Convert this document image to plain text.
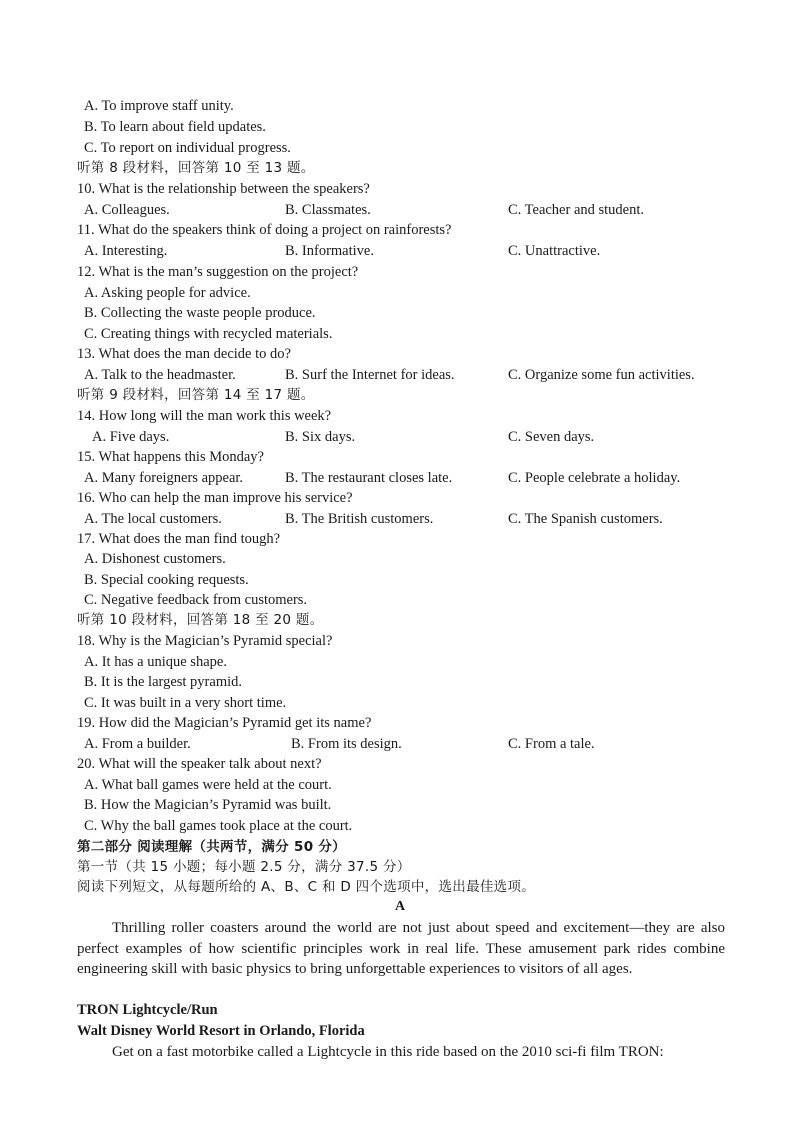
A. To improve staff unity.
B. To learn about field updates.
C. To report on individual progress.
听第 8 段材料，回答第 10 至 13 题。
10. What is the relationship between the speakers?
A. Colleagues.	B. Classmates.	C. Teacher and student.
11. What do the speakers think of doing a project on rainforests?
A. Interesting.	B. Informative.	C. Unattractive.
12. What is the man’s suggestion on the project?
A. Asking people for advice.
B. Collecting the waste people produce.
C. Creating things with recycled materials.
13. What does the man decide to do?
A. Talk to the headmaster.	B. Surf the Internet for ideas.	C. Organize some fun activities.
听第 9 段材料，回答第 14 至 17 题。
14. How long will the man work this week?
A. Five days.	B. Six days.	C. Seven days.
15. What happens this Monday?
A. Many foreigners appear.	B. The restaurant closes late.	C. People celebrate a holiday.
16. Who can help the man improve his service?
A. The local customers.	B. The British customers.	C. The Spanish customers.
17. What does the man find tough?
A. Dishonest customers.
B. Special cooking requests.
C. Negative feedback from customers.
听第 10 段材料，回答第 18 至 20 题。
18. Why is the Magician’s Pyramid special?
A. It has a unique shape.
B. It is the largest pyramid.
C. It was built in a very short time.
19. How did the Magician’s Pyramid get its name?
A. From a builder.	B. From its design.	C. From a tale.
20. What will the speaker talk about next?
A. What ball games were held at the court.
B. How the Magician’s Pyramid was built.
C. Why the ball games took place at the court.
第二部分 阅读理解（共两节，满分 50 分）
第一节（共 15 小题；每小题 2.5 分，满分 37.5 分）
阅读下列短文，从每题所给的 A、B、C 和 D 四个选项中，选出最佳选项。
A
Thrilling roller coasters around the world are not just about speed and excitement—they are also perfect examples of how scientific principles work in real life. These amusement park rides combine engineering skill with basic physics to bring unforgettable experiences to visitors of all ages.
TRON Lightcycle/Run
Walt Disney World Resort in Orlando, Florida
Get on a fast motorbike called a Lightcycle in this ride based on the 2010 sci-fi film TRON:
